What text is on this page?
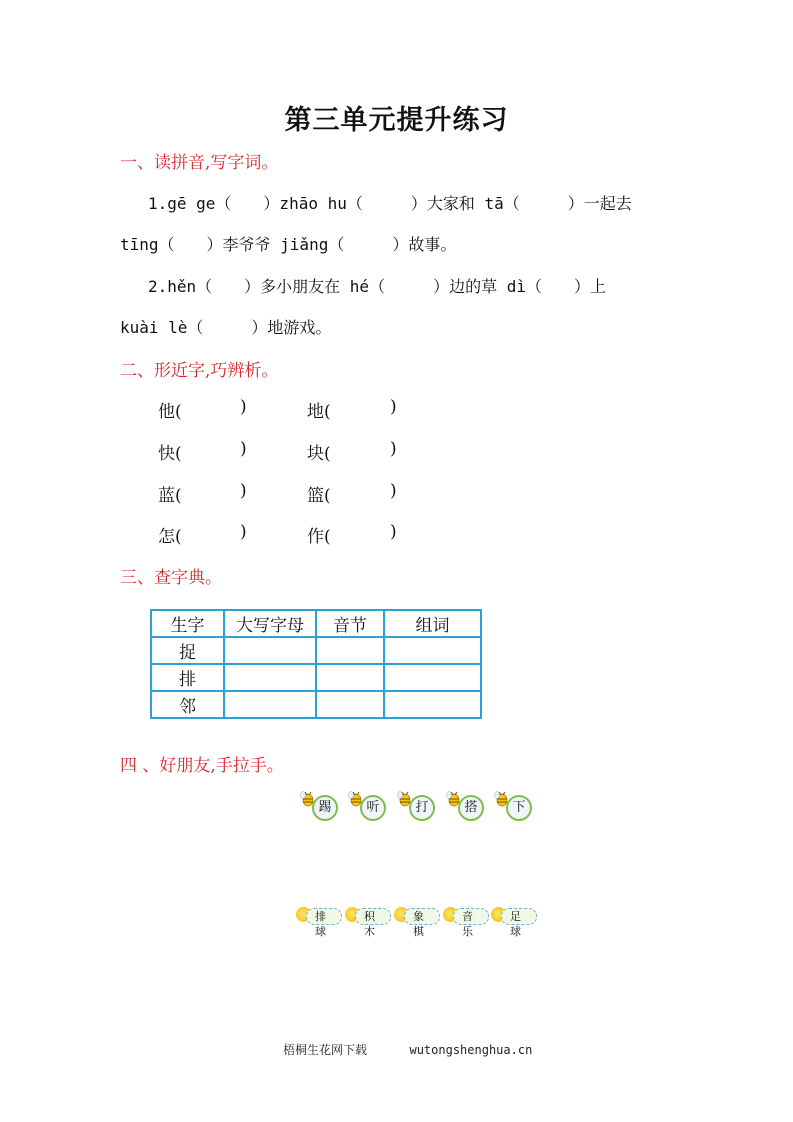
第三单元提升练习
一、读拼音,写字词。
1.gē ge（　　）zhāo hu（　　　）大家和 tā（　　　）一起去
tīng（　　）李爷爷 jiǎng（　　　）故事。
2.hěn（　　）多小朋友在 hé（　　　）边的草 dì（　　）上
kuài lè（　　　）地游戏。
二、形近字,巧辨析。
他(	)	地(	)
快(	)	块(	)
蓝(	)	篮(	)
怎(	)	作(	)
三、查字典。
生字	大写字母	音节	组词
捉			
排			
邻			
四 、好朋友,手拉手。
踢	听	打	搭	下
排球
积木
象棋
音乐
足球
梧桐生花网下载	wutongshenghua.cn
